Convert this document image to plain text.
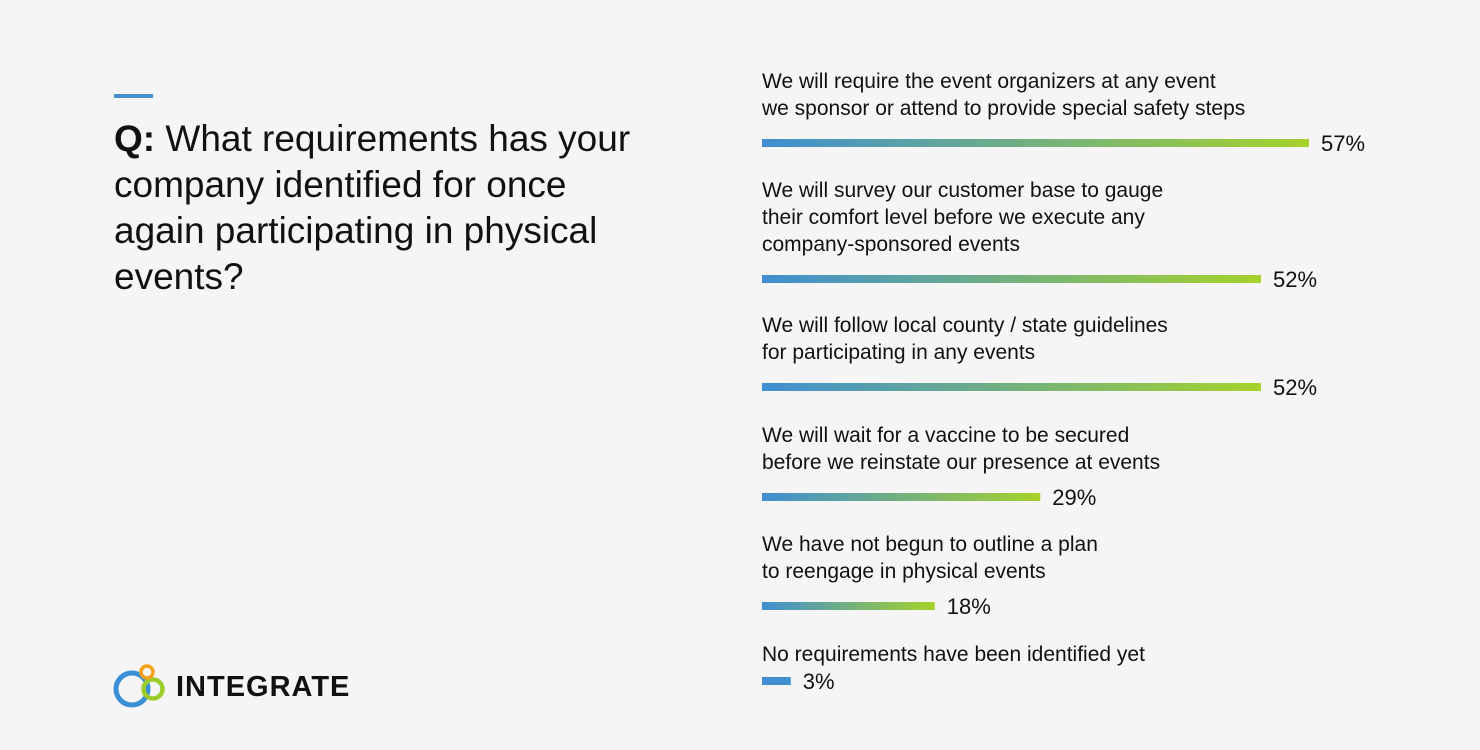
Q: What requirements has your company identified for once again participating in physical events?
We will require the event organizers at any event we sponsor or attend to provide special safety steps
57%
We will survey our customer base to gauge their comfort level before we execute any company-sponsored events
52%
We will follow local county / state guidelines for participating in any events
52%
We will wait for a vaccine to be secured before we reinstate our presence at events
29%
We have not begun to outline a plan to reengage in physical events
18%
No requirements have been identified yet
3%
INTEGRATE
